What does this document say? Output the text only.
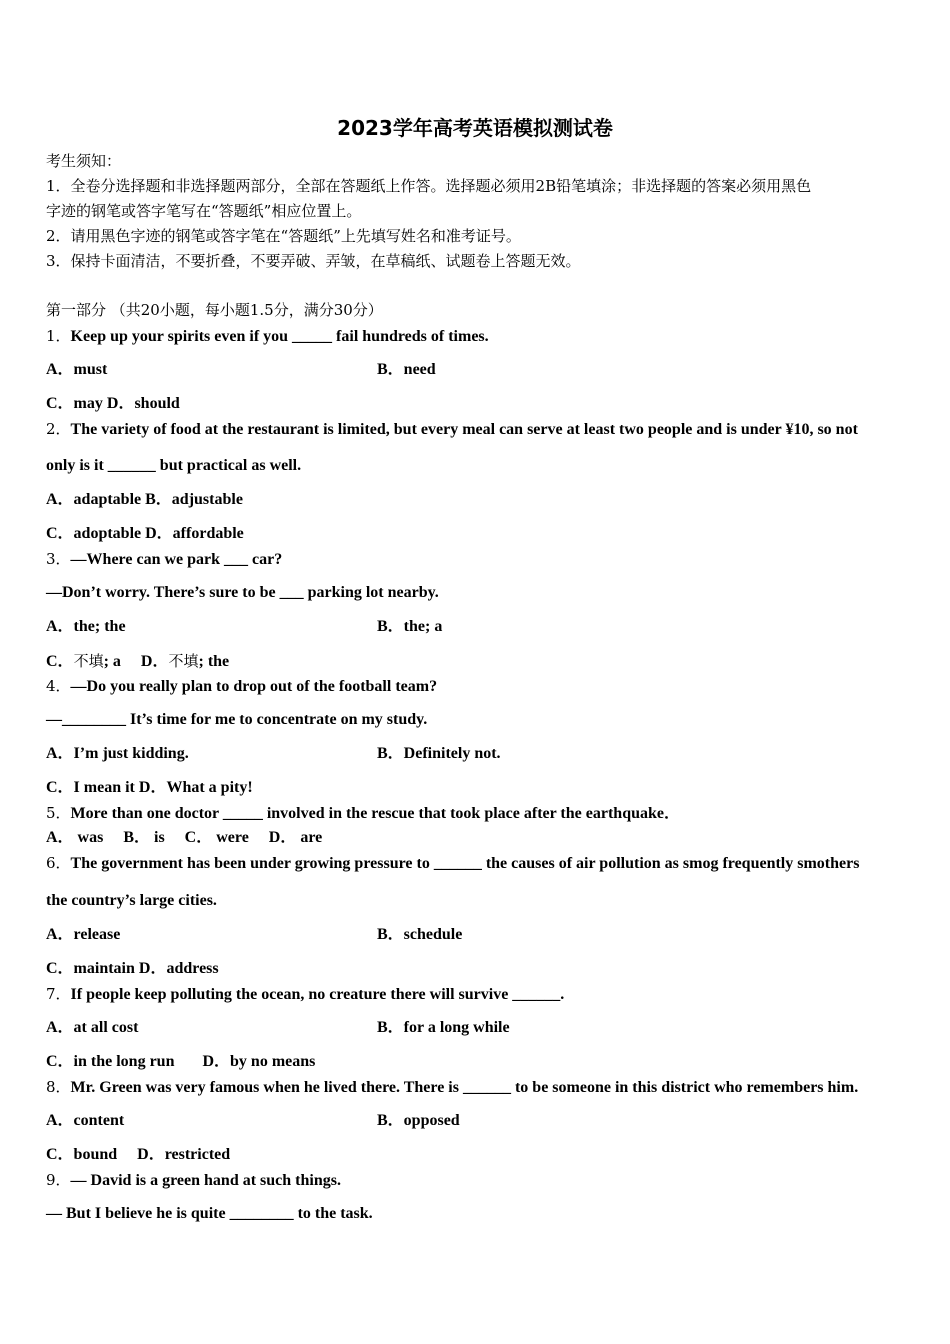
2023学年高考英语模拟测试卷
考生须知：
1．全卷分选择题和非选择题两部分，全部在答题纸上作答。选择题必须用2B铅笔填涂；非选择题的答案必须用黑色
字迹的钢笔或答字笔写在“答题纸”相应位置上。
2．请用黑色字迹的钢笔或答字笔在“答题纸”上先填写姓名和准考证号。
3．保持卡面清洁，不要折叠，不要弄破、弄皱，在草稿纸、试题卷上答题无效。
第一部分 （共20小题，每小题1.5分，满分30分）
1．Keep up your spirits even if you _____ fail hundreds of times.
A．must	B．need
C．may D．should
2．The variety of food at the restaurant is limited, but every meal can serve at least two people and is under ¥10, so not
only is it ______ but practical as well.
A．adaptable B．adjustable
C．adoptable D．affordable
3．—Where can we park ___ car?
—Don’t worry. There’s sure to be ___ parking lot nearby.
A．the; the	B．the; a
C．不填; a     D．不填; the
4．—Do you really plan to drop out of the football team?
—________ It’s time for me to concentrate on my study.
A．I’m just kidding.	B．Definitely not.
C．I mean it D．What a pity!
5．More than one doctor _____ involved in the rescue that took place after the earthquake．
A． was     B． is     C． were     D． are
6．The government has been under growing pressure to ______ the causes of air pollution as smog frequently smothers
the country’s large cities.
A．release	B．schedule
C．maintain D．address
7．If people keep polluting the ocean, no creature there will survive ______.
A．at all cost	B．for a long while
C．in the long run       D．by no means
8．Mr. Green was very famous when he lived there. There is ______ to be someone in this district who remembers him.
A．content	B．opposed
C．bound     D．restricted
9．— David is a green hand at such things.
— But I believe he is quite ________ to the task.
